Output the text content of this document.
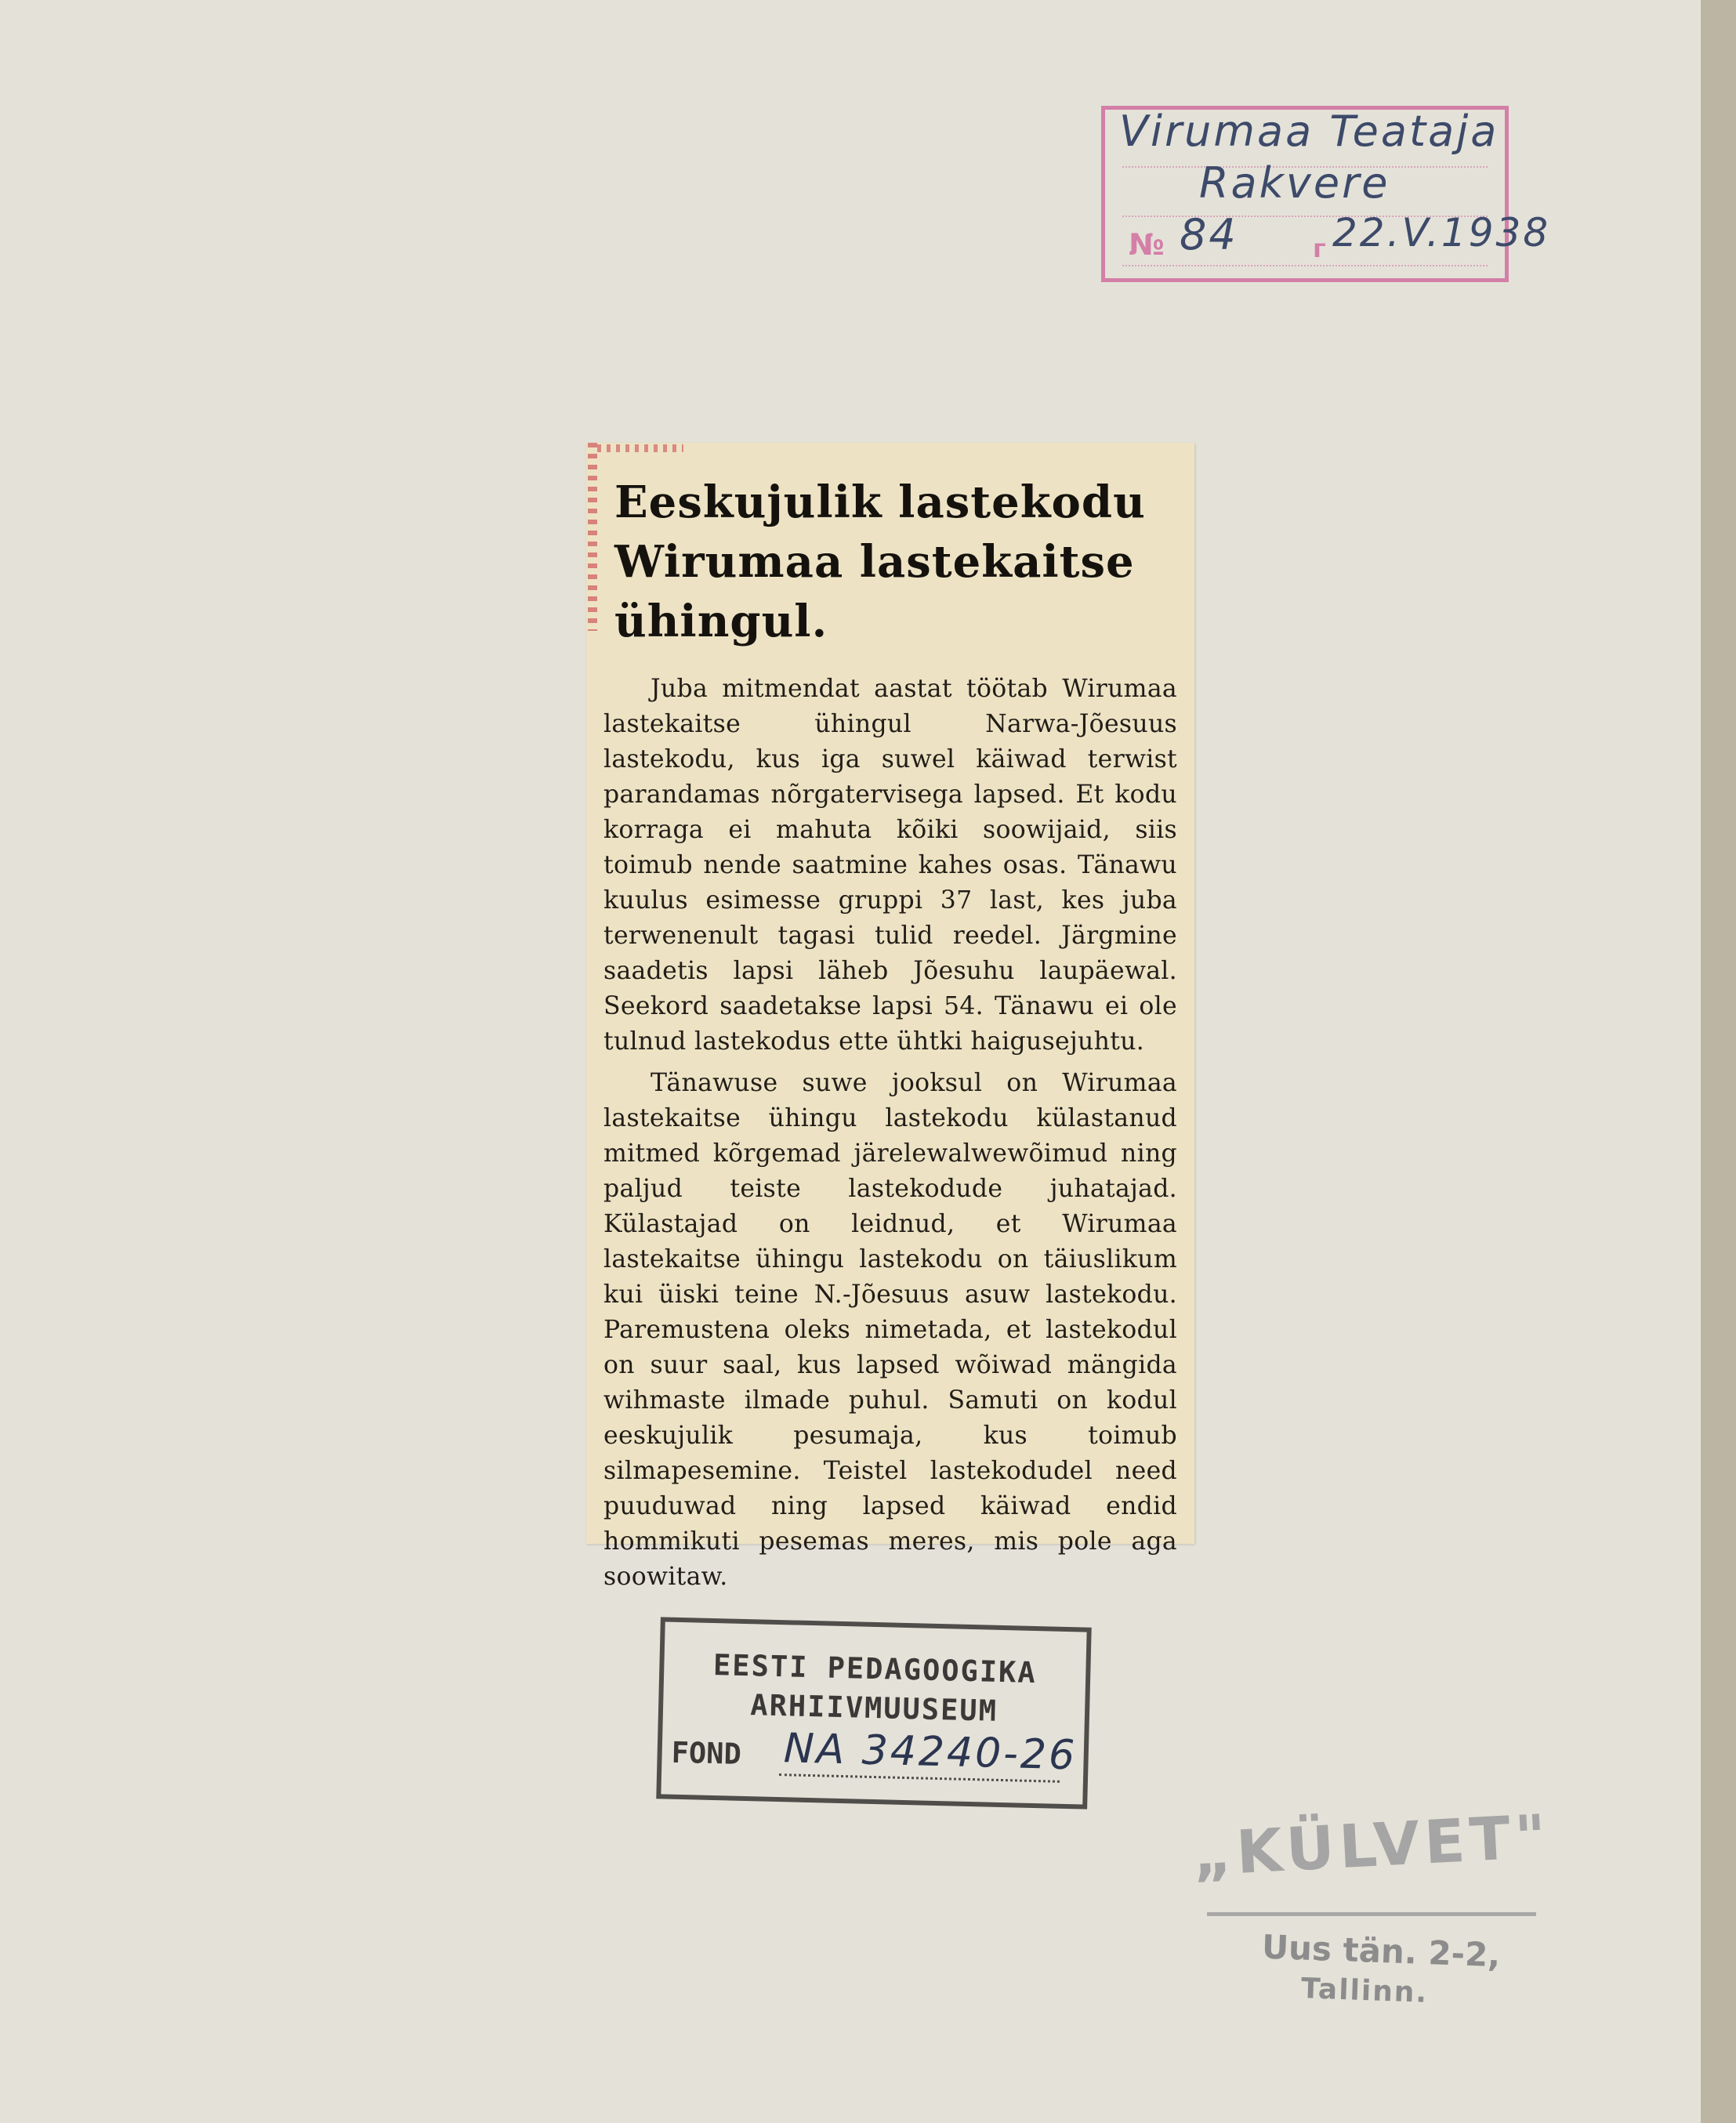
Virumaa Teataja
Rakvere
№ 84	г 22.V.1938
Eeskujulik lastekodu Wirumaa lastekaitse ühingul.

Juba mitmendat aastat töötab Wirumaa lastekaitse ühingul Narwa-Jõesuus lastekodu, kus iga suwel käiwad terwist parandamas nõrgatervisega lapsed. Et kodu korraga ei mahuta kõiki soowijaid, siis toimub nende saatmine kahes osas. Tänawu kuulus esimesse gruppi 37 last, kes juba terwenenult tagasi tulid reedel. Järgmine saadetis lapsi läheb Jõesuhu laupäewal. Seekord saadetakse lapsi 54. Tänawu ei ole tulnud lastekodus ette ühtki haigusejuhtu.

Tänawuse suwe jooksul on Wirumaa lastekaitse ühingu lastekodu külastanud mitmed kõrgemad järelewalwewõimud ning paljud teiste lastekodude juhatajad. Külastajad on leidnud, et Wirumaa lastekaitse ühingu lastekodu on täiuslikum kui üiski teine N.-Jõesuus asuw lastekodu. Paremustena oleks nimetada, et lastekodul on suur saal, kus lapsed wõiwad mängida wihmaste ilmade puhul. Samuti on kodul eeskujulik pesumaja, kus toimub silmapesemine. Teistel lastekodudel need puuduwad ning lapsed käiwad endid hommikuti pesemas meres, mis pole aga soowitaw.

EESTI PEDAGOOGIKA
ARHIIVMUUSEUM
FOND NA 34240-26
„KÜLVET"
Uus tän. 2-2,
Tallinn.
